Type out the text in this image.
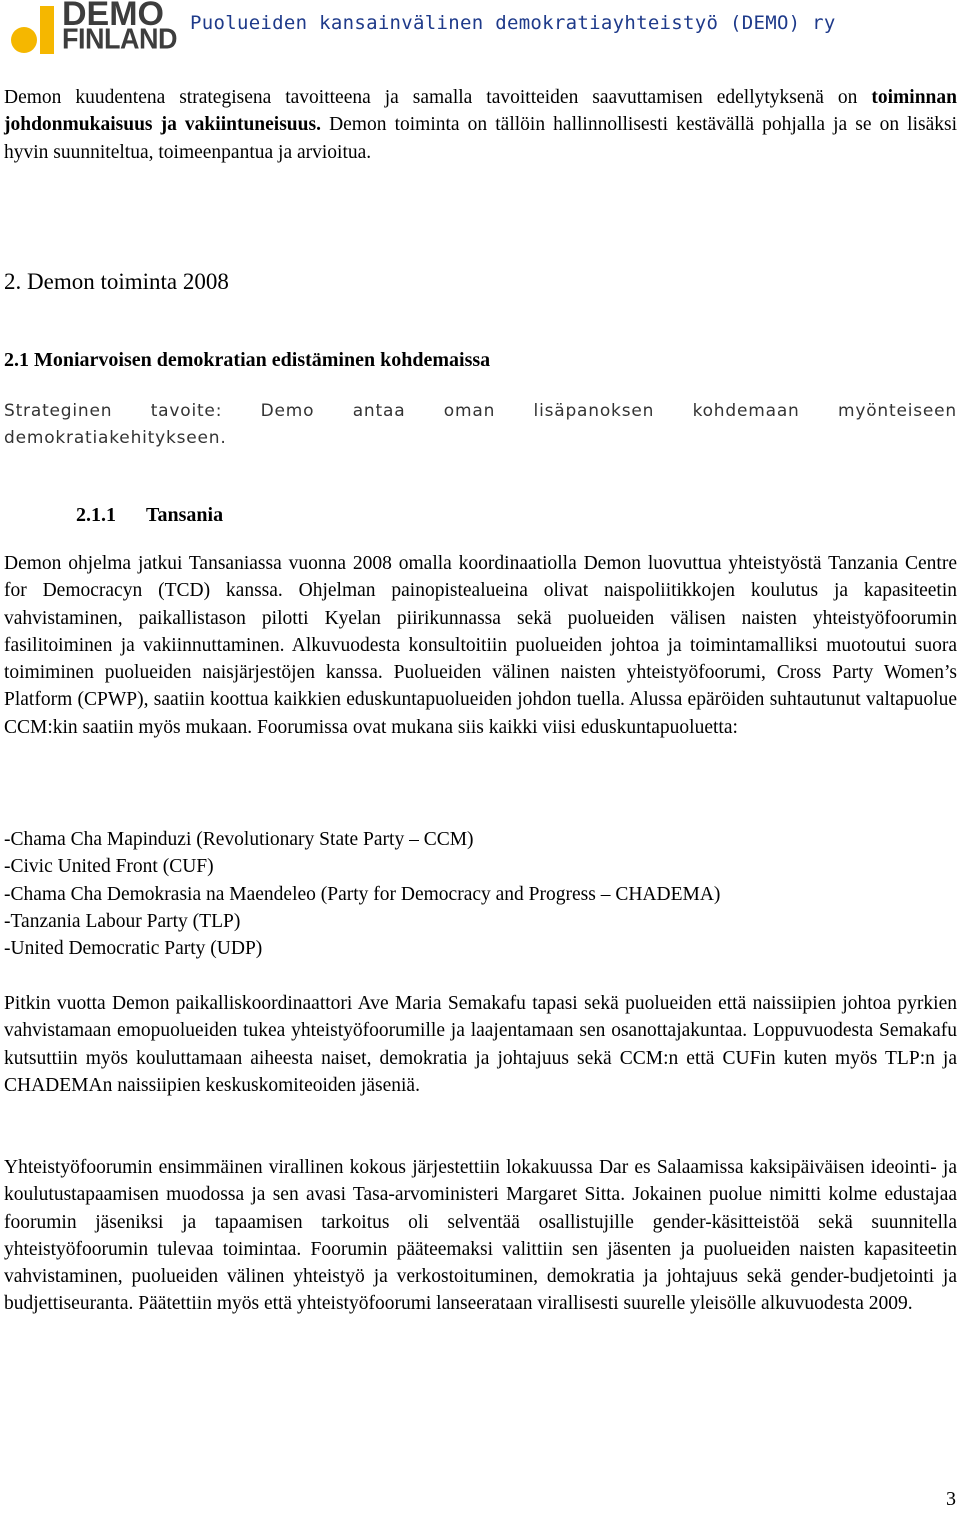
DEMO
FINLAND
Puolueiden kansainvälinen demokratiayhteistyö (DEMO) ry

Demon kuudentena strategisena tavoitteena ja samalla tavoitteiden saavuttamisen edellytyksenä on toiminnan johdonmukaisuus ja vakiintuneisuus. Demon toiminta on tällöin hallinnollisesti kestävällä pohjalla ja se on lisäksi hyvin suunniteltua, toimeenpantua ja arvioitua.

2. Demon toiminta 2008
2.1 Moniarvoisen demokratian edistäminen kohdemaissa

Strateginen tavoite: Demo antaa oman lisäpanoksen kohdemaan myönteiseen demokratiakehitykseen.

2.1.1 Tansania

Demon ohjelma jatkui Tansaniassa vuonna 2008 omalla koordinaatiolla Demon luovuttua yhteistyöstä Tanzania Centre for Democracyn (TCD) kanssa. Ohjelman painopistealueina olivat naispoliitikkojen koulutus ja kapasiteetin vahvistaminen, paikallistason pilotti Kyelan piirikunnassa sekä puolueiden välisen naisten yhteistyöfoorumin fasilitoiminen ja vakiinnuttaminen. Alkuvuodesta konsultoitiin puolueiden johtoa ja toimintamalliksi muotoutui suora toimiminen puolueiden naisjärjestöjen kanssa. Puolueiden välinen naisten yhteistyöfoorumi, Cross Party Women’s Platform (CPWP), saatiin koottua kaikkien eduskuntapuolueiden johdon tuella. Alussa epäröiden suhtautunut valtapuolue CCM:kin saatiin myös mukaan. Foorumissa ovat mukana siis kaikki viisi eduskuntapuoluetta:

-Chama Cha Mapinduzi (Revolutionary State Party – CCM)

-Civic United Front (CUF)

-Chama Cha Demokrasia na Maendeleo (Party for Democracy and Progress – CHADEMA)

-Tanzania Labour Party (TLP)

-United Democratic Party (UDP)

Pitkin vuotta Demon paikalliskoordinaattori Ave Maria Semakafu tapasi sekä puolueiden että naissiipien johtoa pyrkien vahvistamaan emopuolueiden tukea yhteistyöfoorumille ja laajentamaan sen osanottajakuntaa. Loppuvuodesta Semakafu kutsuttiin myös kouluttamaan aiheesta naiset, demokratia ja johtajuus sekä CCM:n että CUFin kuten myös TLP:n ja CHADEMAn naissiipien keskuskomiteoiden jäseniä.

Yhteistyöfoorumin ensimmäinen virallinen kokous järjestettiin lokakuussa Dar es Salaamissa kaksipäiväisen ideointi- ja koulutustapaamisen muodossa ja sen avasi Tasa-arvoministeri Margaret Sitta. Jokainen puolue nimitti kolme edustajaa foorumin jäseniksi ja tapaamisen tarkoitus oli selventää osallistujille gender-käsitteistöä sekä suunnitella yhteistyöfoorumin tulevaa toimintaa. Foorumin pääteemaksi valittiin sen jäsenten ja puolueiden naisten kapasiteetin vahvistaminen, puolueiden välinen yhteistyö ja verkostoituminen, demokratia ja johtajuus sekä gender-budjetointi ja budjettiseuranta. Päätettiin myös että yhteistyöfoorumi lanseerataan virallisesti suurelle yleisölle alkuvuodesta 2009.

3
